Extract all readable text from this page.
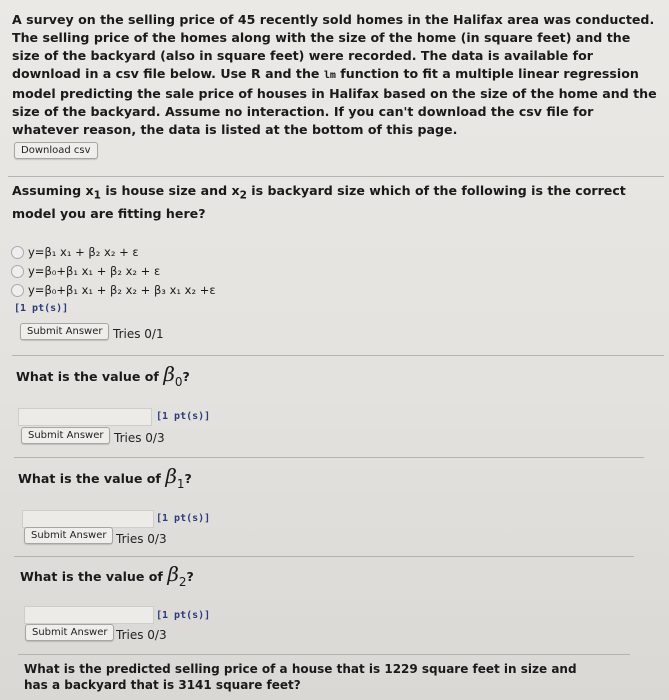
A survey on the selling price of 45 recently sold homes in the Halifax area was conducted. The selling price of the homes along with the size of the home (in square feet) and the size of the backyard (also in square feet) were recorded. The data is available for download in a csv file below. Use R and the lm function to fit a multiple linear regression model predicting the sale price of houses in Halifax based on the size of the home and the size of the backyard. Assume no interaction. If you can't download the csv file for whatever reason, the data is listed at the bottom of this page.
Download csv
Assuming $x_1$ is house size and $x_2$ is backyard size which of the following is the correct model you are fitting here?
y=β₁ x₁ + β₂ x₂ + ε
y=β₀+β₁ x₁ + β₂ x₂ + ε
y=β₀+β₁ x₁ + β₂ x₂ + β₃ x₁ x₂ +ε
[1 pt(s)]
Submit Answer Tries 0/1
What is the value of β0?
[1 pt(s)]
Submit Answer Tries 0/3
What is the value of β1?
[1 pt(s)]
Submit Answer Tries 0/3
What is the value of β2?
[1 pt(s)]
Submit Answer Tries 0/3
What is the predicted selling price of a house that is 1229 square feet in size and has a backyard that is 3141 square feet?
